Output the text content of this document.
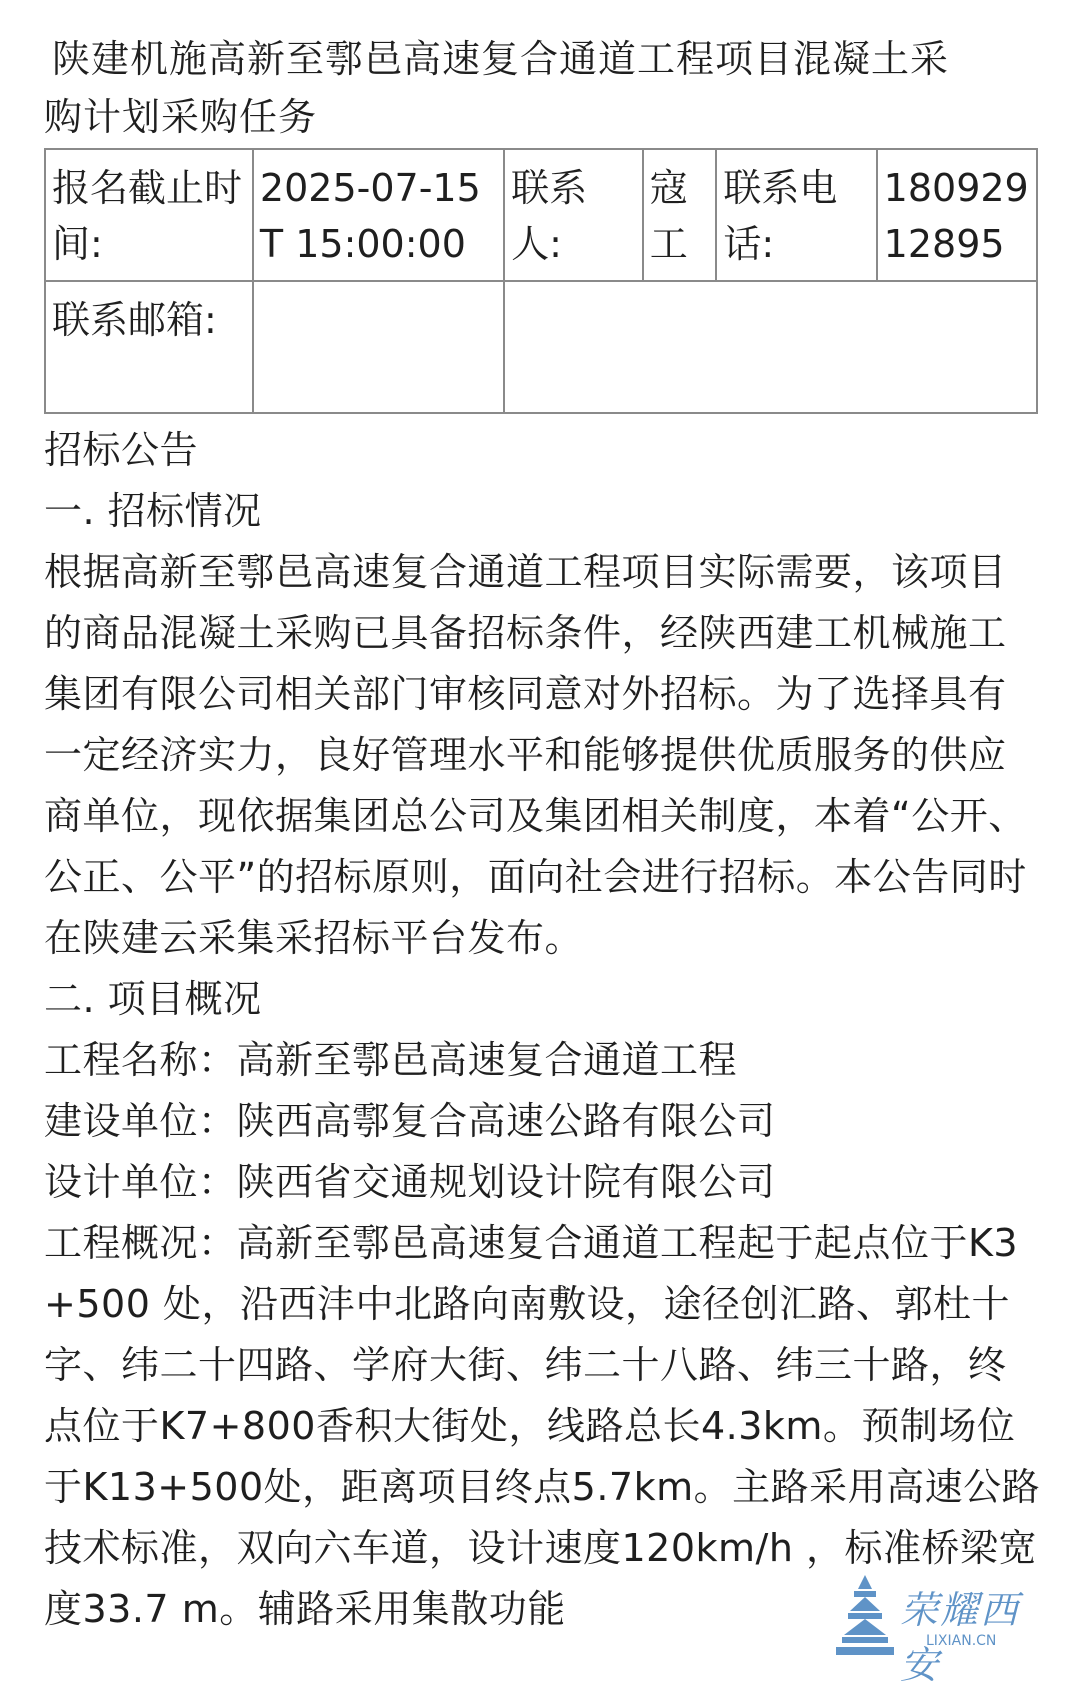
陕建机施高新至鄠邑高速复合通道工程项目混凝土采
购计划采购任务
报名截止时间:	2025-07-15T 15:00:00	联系人:	寇工	联系电话:	18092912895
联系邮箱:					

招标公告

一. 招标情况

根据高新至鄠邑高速复合通道工程项目实际需要，该项目的商品混凝土采购已具备招标条件，经陕西建工机械施工集团有限公司相关部门审核同意对外招标。为了选择具有一定经济实力，良好管理水平和能够提供优质服务的供应商单位，现依据集团总公司及集团相关制度，本着“公开、公正、公平”的招标原则，面向社会进行招标。本公告同时在陕建云采集采招标平台发布。

二. 项目概况

工程名称：高新至鄠邑高速复合通道工程

建设单位：陕西高鄠复合高速公路有限公司

设计单位：陕西省交通规划设计院有限公司

工程概况：高新至鄠邑高速复合通道工程起于起点位于K3+500 处，沿西沣中北路向南敷设，途径创汇路、郭杜十字、纬二十四路、学府大街、纬二十八路、纬三十路，终点位于K7+800香积大街处，线路总长4.3km。预制场位于K13+500处，距离项目终点5.7km。主路采用高速公路技术标准，双向六车道，设计速度120km/h ，标准桥梁宽度33.7 m。辅路采用集散功能	荣耀西安
LIXIAN.CN
